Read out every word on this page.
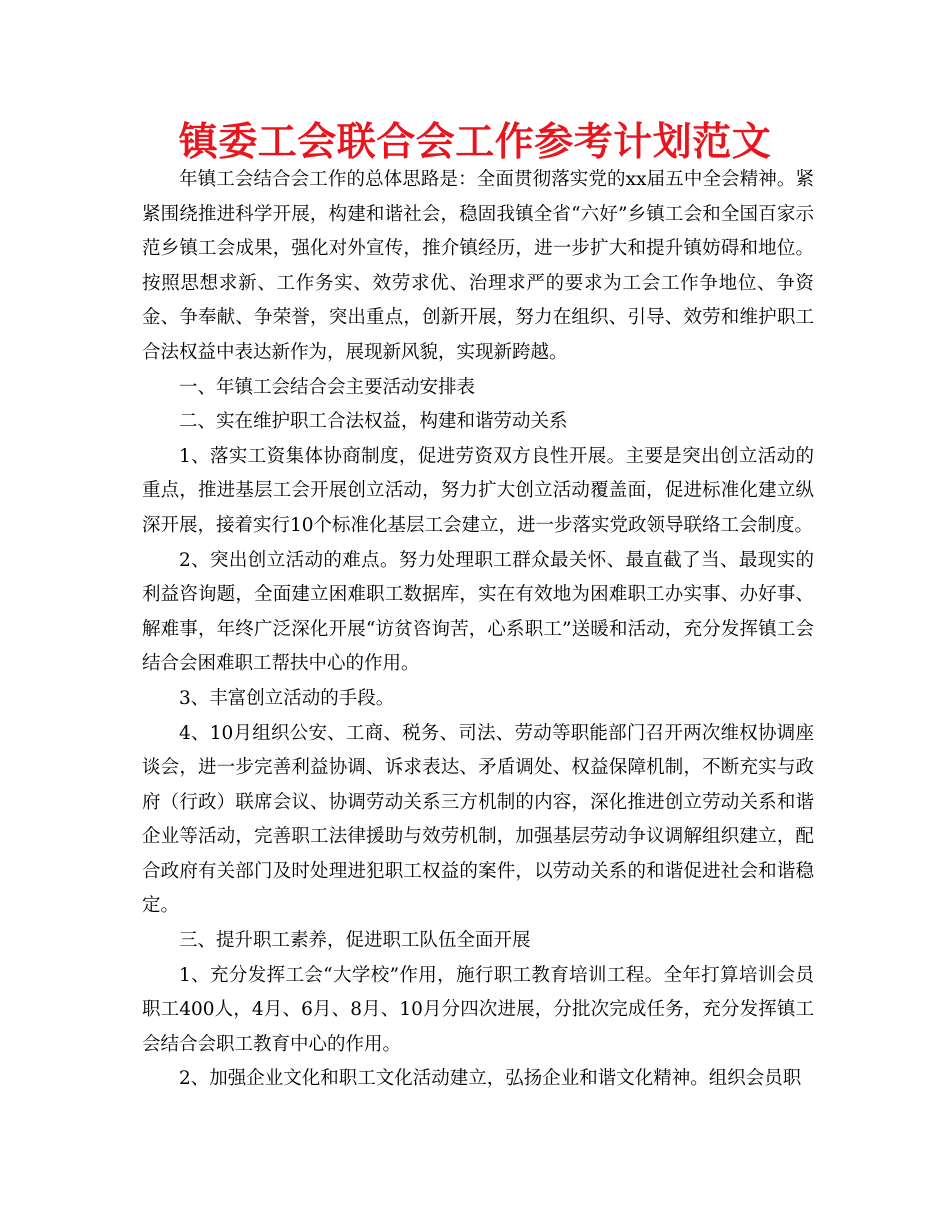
镇委工会联合会工作参考计划范文

年镇工会结合会工作的总体思路是：全面贯彻落实党的xx届五中全会精神。紧紧围绕推进科学开展，构建和谐社会，稳固我镇全省“六好”乡镇工会和全国百家示范乡镇工会成果，强化对外宣传，推介镇经历，进一步扩大和提升镇妨碍和地位。按照思想求新、工作务实、效劳求优、治理求严的要求为工会工作争地位、争资金、争奉献、争荣誉，突出重点，创新开展，努力在组织、引导、效劳和维护职工合法权益中表达新作为，展现新风貌，实现新跨越。

一、年镇工会结合会主要活动安排表

二、实在维护职工合法权益，构建和谐劳动关系

1、落实工资集体协商制度，促进劳资双方良性开展。主要是突出创立活动的重点，推进基层工会开展创立活动，努力扩大创立活动覆盖面，促进标准化建立纵深开展，接着实行10个标准化基层工会建立，进一步落实党政领导联络工会制度。

2、突出创立活动的难点。努力处理职工群众最关怀、最直截了当、最现实的利益咨询题，全面建立困难职工数据库，实在有效地为困难职工办实事、办好事、解难事，年终广泛深化开展“访贫咨询苦，心系职工”送暖和活动，充分发挥镇工会结合会困难职工帮扶中心的作用。

3、丰富创立活动的手段。

4、10月组织公安、工商、税务、司法、劳动等职能部门召开两次维权协调座谈会，进一步完善利益协调、诉求表达、矛盾调处、权益保障机制，不断充实与政府（行政）联席会议、协调劳动关系三方机制的内容，深化推进创立劳动关系和谐企业等活动，完善职工法律援助与效劳机制，加强基层劳动争议调解组织建立，配合政府有关部门及时处理进犯职工权益的案件，以劳动关系的和谐促进社会和谐稳定。

三、提升职工素养，促进职工队伍全面开展

1、充分发挥工会“大学校”作用，施行职工教育培训工程。全年打算培训会员职工400人，4月、6月、8月、10月分四次进展，分批次完成任务，充分发挥镇工会结合会职工教育中心的作用。

2、加强企业文化和职工文化活动建立，弘扬企业和谐文化精神。组织会员职
